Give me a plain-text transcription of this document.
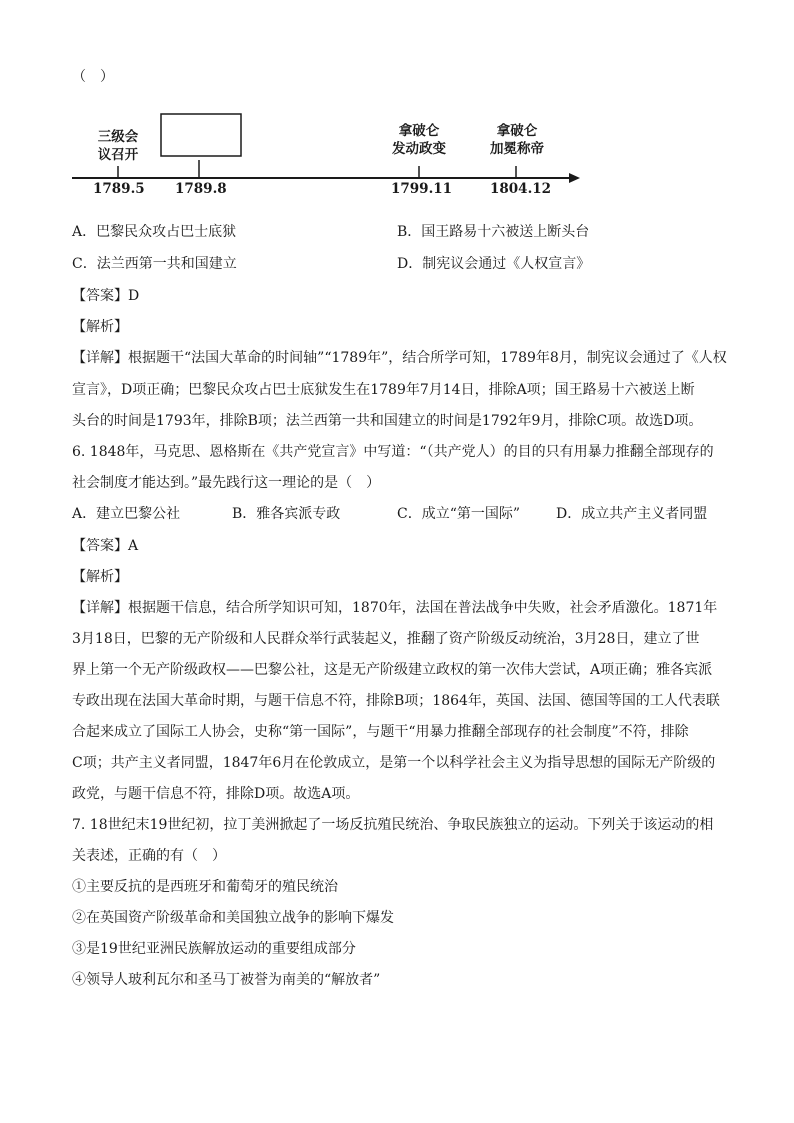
（　）
三级会
议召开
拿破仑
发动政变
拿破仑
加冕称帝
1789.5 1789.8	1799.11	1804.12
A．巴黎民众攻占巴士底狱	B．国王路易十六被送上断头台
C．法兰西第一共和国建立	D．制宪议会通过《人权宣言》
【答案】D
【解析】
【详解】根据题干“法国大革命的时间轴”“1789年”，结合所学可知，1789年8月，制宪议会通过了《人权
宣言》，D项正确；巴黎民众攻占巴士底狱发生在1789年7月14日，排除A项；国王路易十六被送上断
头台的时间是1793年，排除B项；法兰西第一共和国建立的时间是1792年9月，排除C项。故选D项。
6. 1848年，马克思、恩格斯在《共产党宣言》中写道：“（共产党人）的目的只有用暴力推翻全部现存的
社会制度才能达到。”最先践行这一理论的是（　）
A．建立巴黎公社	B．雅各宾派专政	C．成立“第一国际”	D．成立共产主义者同盟
【答案】A
【解析】
【详解】根据题干信息，结合所学知识可知，1870年，法国在普法战争中失败，社会矛盾激化。1871年
3月18日，巴黎的无产阶级和人民群众举行武装起义，推翻了资产阶级反动统治，3月28日，建立了世
界上第一个无产阶级政权——巴黎公社，这是无产阶级建立政权的第一次伟大尝试，A项正确；雅各宾派
专政出现在法国大革命时期，与题干信息不符，排除B项；1864年，英国、法国、德国等国的工人代表联
合起来成立了国际工人协会，史称“第一国际”，与题干“用暴力推翻全部现存的社会制度”不符，排除
C项；共产主义者同盟，1847年6月在伦敦成立，是第一个以科学社会主义为指导思想的国际无产阶级的
政党，与题干信息不符，排除D项。故选A项。
7. 18世纪末19世纪初，拉丁美洲掀起了一场反抗殖民统治、争取民族独立的运动。下列关于该运动的相
关表述，正确的有（　）
①主要反抗的是西班牙和葡萄牙的殖民统治
②在英国资产阶级革命和美国独立战争的影响下爆发
③是19世纪亚洲民族解放运动的重要组成部分
④领导人玻利瓦尔和圣马丁被誉为南美的“解放者”
